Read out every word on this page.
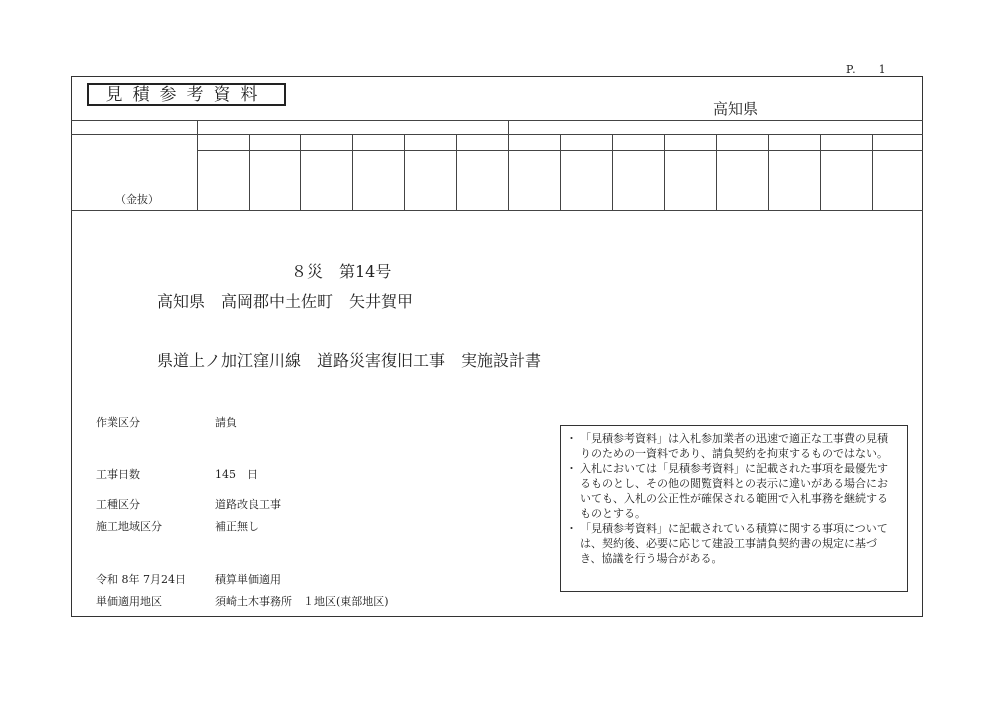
P. 1
見積参考資料
高知県
（金抜）
８災　第14号
高知県　高岡郡中土佐町　矢井賀甲
県道上ノ加江窪川線　道路災害復旧工事　実施設計書
作業区分	請負
工事日数	145　日
工種区分	道路改良工事
施工地域区分	補正無し
令和 8年 7月24日	積算単価適用
単価適用地区	須崎土木事務所　１地区(東部地区)
・ 「見積参考資料」は入札参加業者の迅速で適正な工事費の見積りのための一資料であり、請負契約を拘束するものではない。
・ 入札においては「見積参考資料」に記載された事項を最優先するものとし、その他の閲覧資料との表示に違いがある場合においても、入札の公正性が確保される範囲で入札事務を継続するものとする。
・ 「見積参考資料」に記載されている積算に関する事項については、契約後、必要に応じて建設工事請負契約書の規定に基づき、協議を行う場合がある。
